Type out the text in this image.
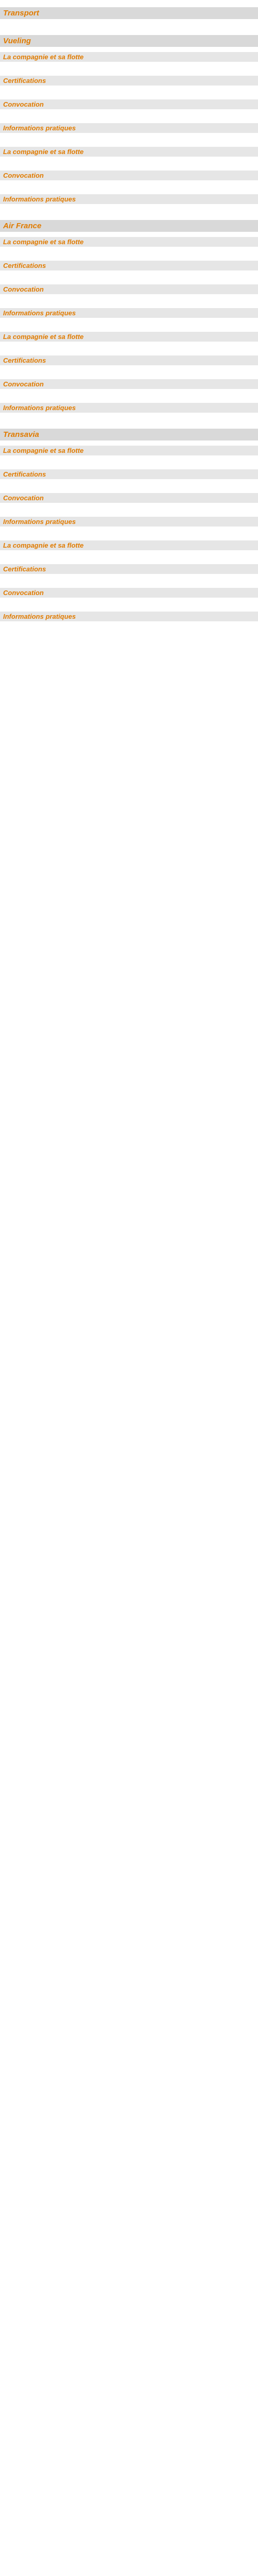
Transport

Vueling
La compagnie et sa flotte

Certifications

Convocation

Informations pratiques

La compagnie et sa flotte

Convocation

Informations pratiques

Air France
La compagnie et sa flotte

Certifications

Convocation

Informations pratiques

La compagnie et sa flotte

Certifications

Convocation

Informations pratiques

Transavia
La compagnie et sa flotte

Certifications

Convocation

Informations pratiques

La compagnie et sa flotte

Certifications

Convocation

Informations pratiques
